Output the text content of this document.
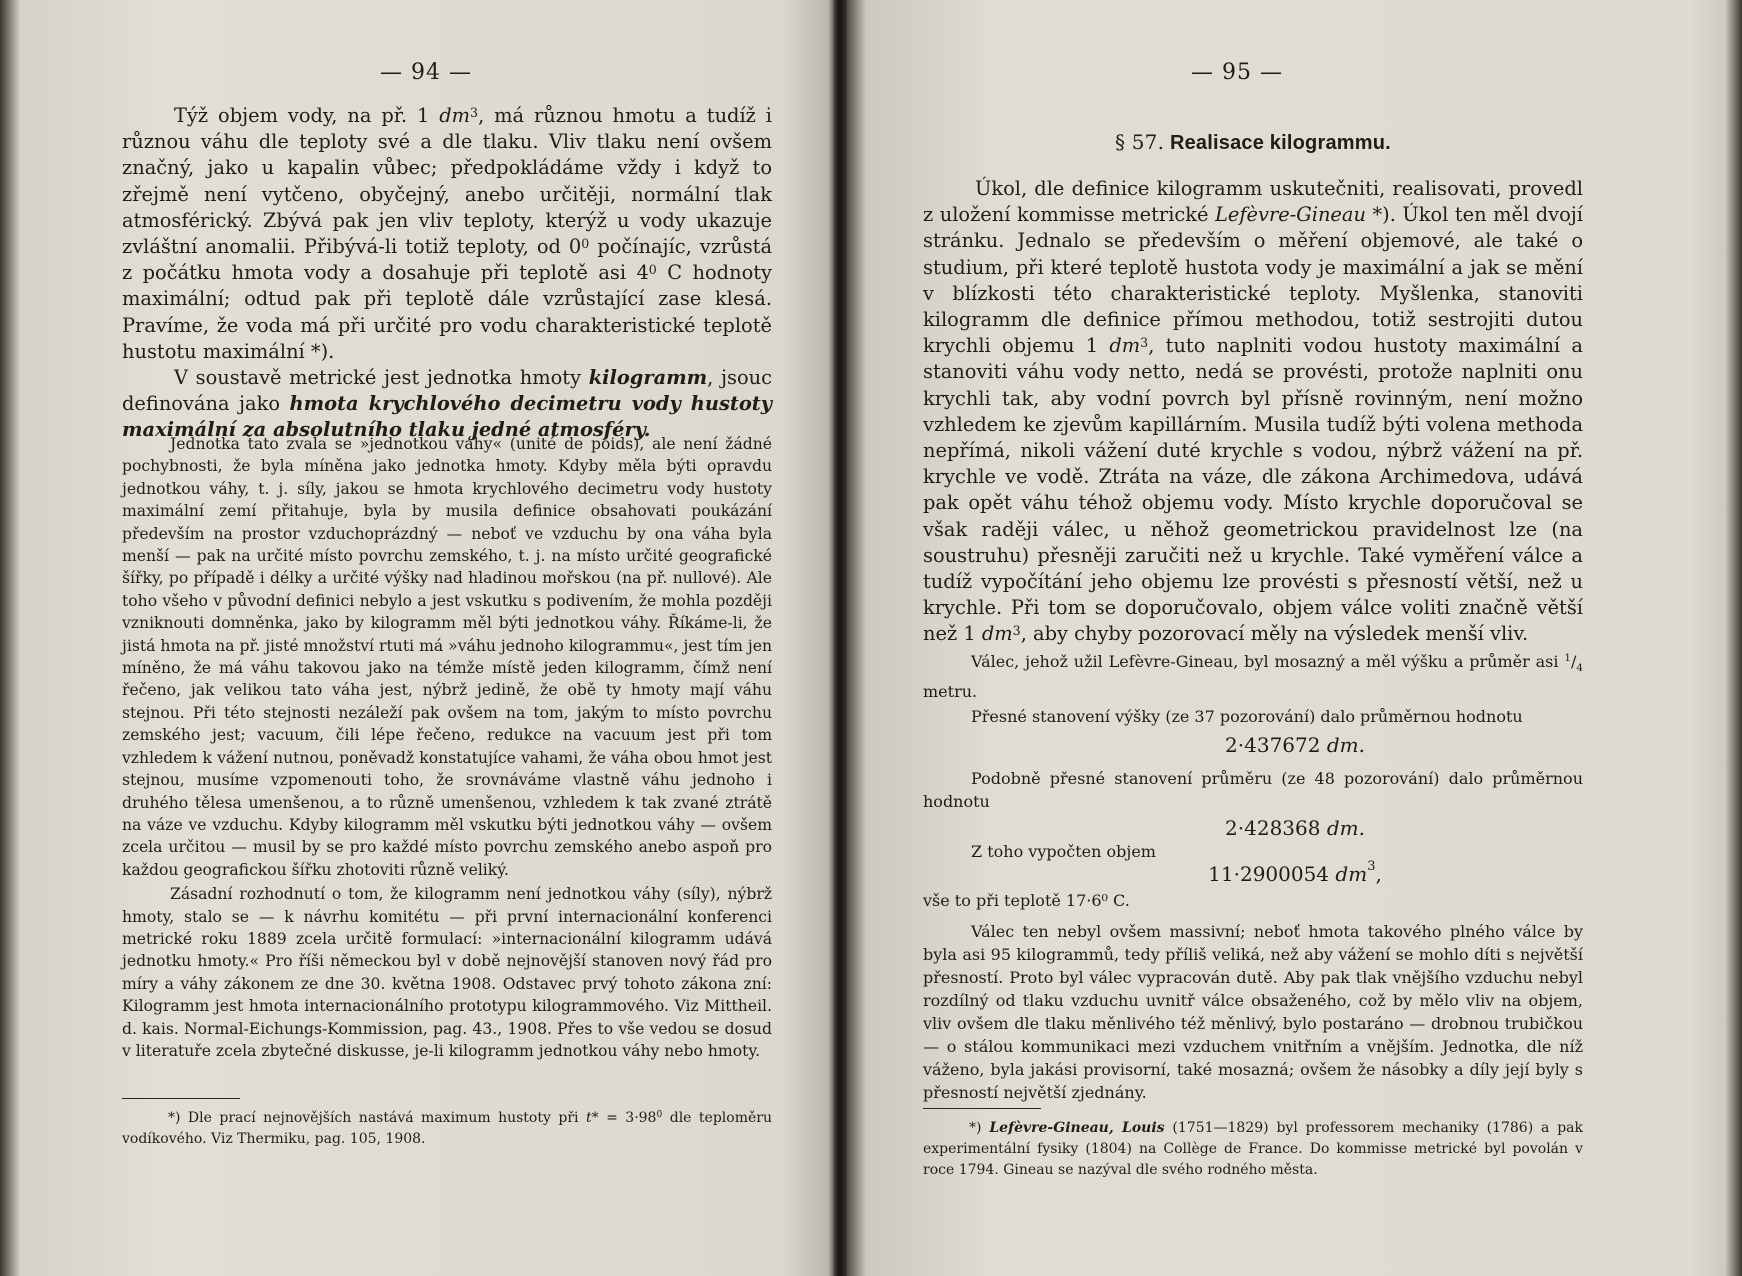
— 94 —

Týž objem vody, na př. 1 $dm^3$, má různou hmotu a tudíž i různou váhu dle teploty své a dle tlaku. Vliv tlaku není ovšem značný, jako u kapalin vůbec; předpokládáme vždy i když to zřejmě není vytčeno, obyčejný, anebo určitěji, normální tlak atmosférický. Zbývá pak jen vliv teploty, kterýž u vody ukazuje zvláštní anomalii. Přibývá-li totiž teploty, od $0^0$ počínajíc, vzrůstá z počátku hmota vody a dosahuje při teplotě asi $4^0$ C hodnoty maximální; odtud pak při teplotě dále vzrůstající zase klesá. Pravíme, že voda má při určité pro vodu charakteristické teplotě hustotu maximální *).

V soustavě metrické jest jednotka hmoty kilogramm, jsouc definována jako hmota krychlového decimetru vody hustoty maximální za absolutního tlaku jedné atmosféry.

Jednotka tato zvala se »jednotkou váhy« (unité de poids), ale není žádné pochybnosti, že byla míněna jako jednotka hmoty. Kdyby měla býti opravdu jednotkou váhy, t. j. síly, jakou se hmota krychlového decimetru vody hustoty maximální zemí přitahuje, byla by musila definice obsahovati poukázání především na prostor vzduchoprázdný — neboť ve vzduchu by ona váha byla menší — pak na určité místo povrchu zemského, t. j. na místo určité geografické šířky, po případě i délky a určité výšky nad hladinou mořskou (na př. nullové). Ale toho všeho v původní definici nebylo a jest vskutku s podivením, že mohla později vzniknouti domněnka, jako by kilogramm měl býti jednotkou váhy. Říkáme-li, že jistá hmota na př. jisté množství rtuti má »váhu jednoho kilogrammu«, jest tím jen míněno, že má váhu takovou jako na témže místě jeden kilogramm, čímž není řečeno, jak velikou tato váha jest, nýbrž jedině, že obě ty hmoty mají váhu stejnou. Při této stejnosti nezáleží pak ovšem na tom, jakým to místo povrchu zemského jest; vacuum, čili lépe řečeno, redukce na vacuum jest při tom vzhledem k vážení nutnou, poněvadž konstatujíce vahami, že váha obou hmot jest stejnou, musíme vzpomenouti toho, že srovnáváme vlastně váhu jednoho i druhého tělesa umenšenou, a to různě umenšenou, vzhledem k tak zvané ztrátě na váze ve vzduchu. Kdyby kilogramm měl vskutku býti jednotkou váhy — ovšem zcela určitou — musil by se pro každé místo povrchu zemského anebo aspoň pro každou geografickou šířku zhotoviti různě veliký.

Zásadní rozhodnutí o tom, že kilogramm není jednotkou váhy (síly), nýbrž hmoty, stalo se — k návrhu komitétu — při první internacionální konferenci metrické roku 1889 zcela určitě formulací: »internacionální kilogramm udává jednotku hmoty.« Pro říši německou byl v době nejnovější stanoven nový řád pro míry a váhy zákonem ze dne 30. května 1908. Odstavec prvý tohoto zákona zní: Kilogramm jest hmota internacionálního prototypu kilogrammového. Viz Mittheil. d. kais. Normal-Eichungs-Kommission, pag. 43., 1908. Přes to vše vedou se dosud v literatuře zcela zbytečné diskusse, je-li kilogramm jednotkou váhy nebo hmoty.

*) Dle prací nejnovějších nastává maximum hustoty při $t* = 3\cdot 98^0$ dle teploměru vodíkového. Viz Thermiku, pag. 105, 1908.

— 95 —
§ 57. Realisace kilogrammu.

Úkol, dle definice kilogramm uskutečniti, realisovati, provedl z uložení kommisse metrické Lefèvre-Gineau *). Úkol ten měl dvojí stránku. Jednalo se především o měření objemové, ale také o studium, při které teplotě hustota vody je maximální a jak se mění v blízkosti této charakteristické teploty. Myšlenka, stanoviti kilogramm dle definice přímou methodou, totiž sestrojiti dutou krychli objemu 1 $dm^3$, tuto naplniti vodou hustoty maximální a stanoviti váhu vody netto, nedá se provésti, protože naplniti onu krychli tak, aby vodní povrch byl přísně rovinným, není možno vzhledem ke zjevům kapillárním. Musila tudíž býti volena methoda nepřímá, nikoli vážení duté krychle s vodou, nýbrž vážení na př. krychle ve vodě. Ztráta na váze, dle zákona Archimedova, udává pak opět váhu téhož objemu vody. Místo krychle doporučoval se však raději válec, u něhož geometrickou pravidelnost lze (na soustruhu) přesněji zaručiti než u krychle. Také vyměření válce a tudíž vypočítání jeho objemu lze provésti s přesností větší, než u krychle. Při tom se doporučovalo, objem válce voliti značně větší než 1 $dm^3$, aby chyby pozorovací měly na výsledek menší vliv.

Válec, jehož užil Lefèvre-Gineau, byl mosazný a měl výšku a průměr asi $^1/_4$ metru.

Přesné stanovení výšky (ze 37 pozorování) dalo průměrnou hodnotu

2·437672 dm.

Podobně přesné stanovení průměru (ze 48 pozorování) dalo průměrnou hodnotu

2·428368 dm.

Z toho vypočten objem

11·2900054 $dm^3$,

vše to při teplotě 17·6⁰ C.

Válec ten nebyl ovšem massivní; neboť hmota takového plného válce by byla asi 95 kilogrammů, tedy příliš veliká, než aby vážení se mohlo díti s největší přesností. Proto byl válec vypracován dutě. Aby pak tlak vnějšího vzduchu nebyl rozdílný od tlaku vzduchu uvnitř válce obsaženého, což by mělo vliv na objem, vliv ovšem dle tlaku měnlivého též měnlivý, bylo postaráno — drobnou trubičkou — o stálou kommunikaci mezi vzduchem vnitřním a vnějším. Jednotka, dle níž váženo, byla jakási provisorní, také mosazná; ovšem že násobky a díly její byly s přesností největší zjednány.

*) Lefèvre-Gineau, Louis (1751—1829) byl professorem mechaniky (1786) a pak experimentální fysiky (1804) na Collège de France. Do kommisse metrické byl povolán v roce 1794. Gineau se nazýval dle svého rodného města.
